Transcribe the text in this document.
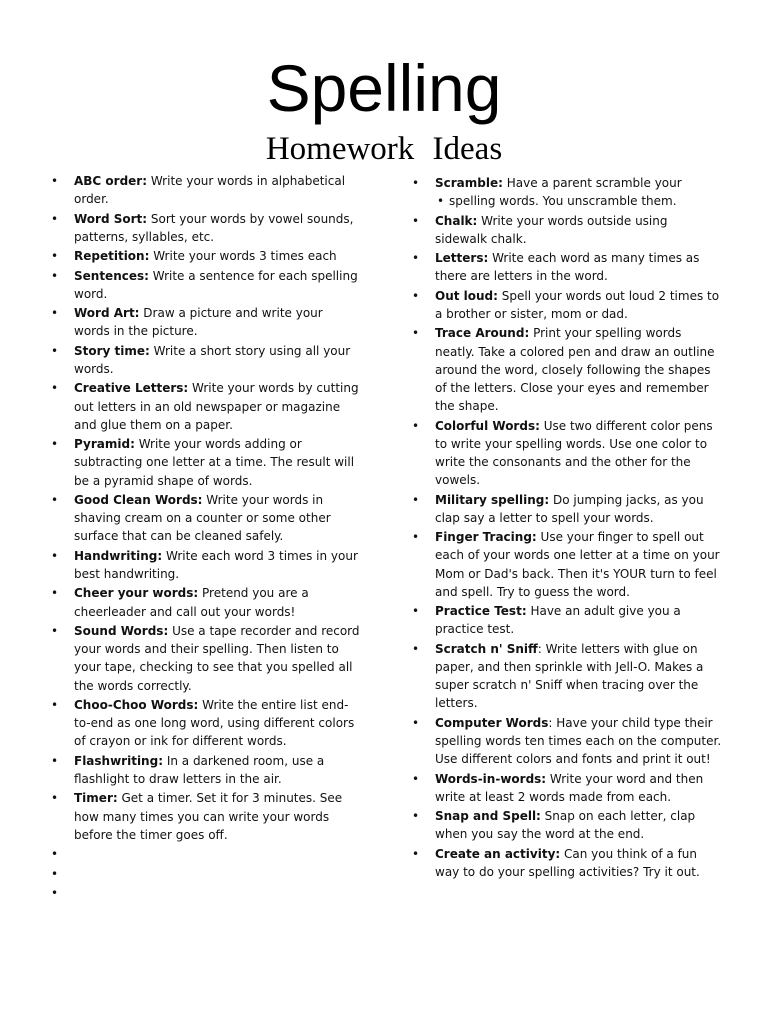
Spelling
Homework Ideas
• ABC order: Write your words in alphabetical order.
• Word Sort: Sort your words by vowel sounds, patterns, syllables, etc.
• Repetition: Write your words 3 times each
• Sentences: Write a sentence for each spelling word.
• Word Art: Draw a picture and write your words in the picture.
• Story time: Write a short story using all your words.
• Creative Letters: Write your words by cutting out letters in an old newspaper or magazine and glue them on a paper.
• Pyramid: Write your words adding or subtracting one letter at a time. The result will be a pyramid shape of words.
• Good Clean Words: Write your words in shaving cream on a counter or some other surface that can be cleaned safely.
• Handwriting: Write each word 3 times in your best handwriting.
• Cheer your words: Pretend you are a cheerleader and call out your words!
• Sound Words: Use a tape recorder and record your words and their spelling. Then listen to your tape, checking to see that you spelled all the words correctly.
• Choo-Choo Words: Write the entire list end-to-end as one long word, using different colors of crayon or ink for different words.
• Flashwriting: In a darkened room, use a flashlight to draw letters in the air.
• Timer: Get a timer. Set it for 3 minutes. See how many times you can write your words before the timer goes off.
•
•
•
• Scramble: Have a parent scramble your
• spelling words. You unscramble them.
• Chalk: Write your words outside using sidewalk chalk.
• Letters: Write each word as many times as there are letters in the word.
• Out loud: Spell your words out loud 2 times to a brother or sister, mom or dad.
• Trace Around: Print your spelling words neatly. Take a colored pen and draw an outline around the word, closely following the shapes of the letters. Close your eyes and remember the shape.
• Colorful Words: Use two different color pens to write your spelling words. Use one color to write the consonants and the other for the vowels.
• Military spelling: Do jumping jacks, as you clap say a letter to spell your words.
• Finger Tracing: Use your finger to spell out each of your words one letter at a time on your Mom or Dad's back. Then it's YOUR turn to feel and spell. Try to guess the word.
• Practice Test: Have an adult give you a practice test.
• Scratch n' Sniff: Write letters with glue on paper, and then sprinkle with Jell-O. Makes a super scratch n' Sniff when tracing over the letters.
• Computer Words: Have your child type their spelling words ten times each on the computer. Use different colors and fonts and print it out!
• Words-in-words: Write your word and then write at least 2 words made from each.
• Snap and Spell: Snap on each letter, clap when you say the word at the end.
• Create an activity: Can you think of a fun way to do your spelling activities? Try it out.
